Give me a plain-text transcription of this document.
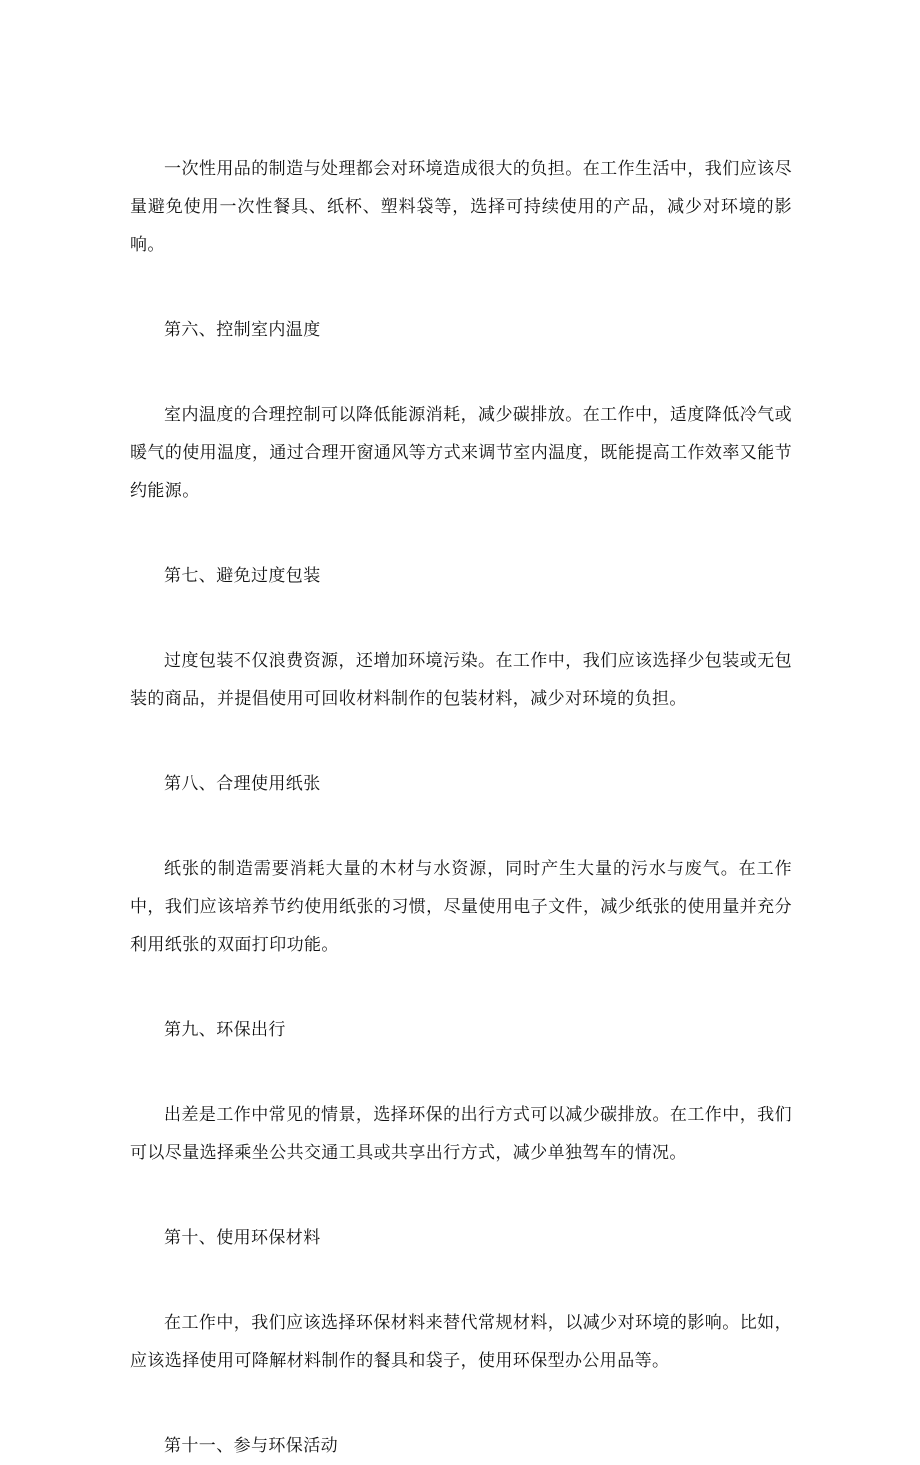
一次性用品的制造与处理都会对环境造成很大的负担。在工作生活中，我们应该尽量避免使用一次性餐具、纸杯、塑料袋等，选择可持续使用的产品，减少对环境的影响。

第六、控制室内温度

室内温度的合理控制可以降低能源消耗，减少碳排放。在工作中，适度降低冷气或暖气的使用温度，通过合理开窗通风等方式来调节室内温度，既能提高工作效率又能节约能源。

第七、避免过度包装

过度包装不仅浪费资源，还增加环境污染。在工作中，我们应该选择少包装或无包装的商品，并提倡使用可回收材料制作的包装材料，减少对环境的负担。

第八、合理使用纸张

纸张的制造需要消耗大量的木材与水资源，同时产生大量的污水与废气。在工作中，我们应该培养节约使用纸张的习惯，尽量使用电子文件，减少纸张的使用量并充分利用纸张的双面打印功能。

第九、环保出行

出差是工作中常见的情景，选择环保的出行方式可以减少碳排放。在工作中，我们可以尽量选择乘坐公共交通工具或共享出行方式，减少单独驾车的情况。

第十、使用环保材料

在工作中，我们应该选择环保材料来替代常规材料，以减少对环境的影响。比如，应该选择使用可降解材料制作的餐具和袋子，使用环保型办公用品等。

第十一、参与环保活动
